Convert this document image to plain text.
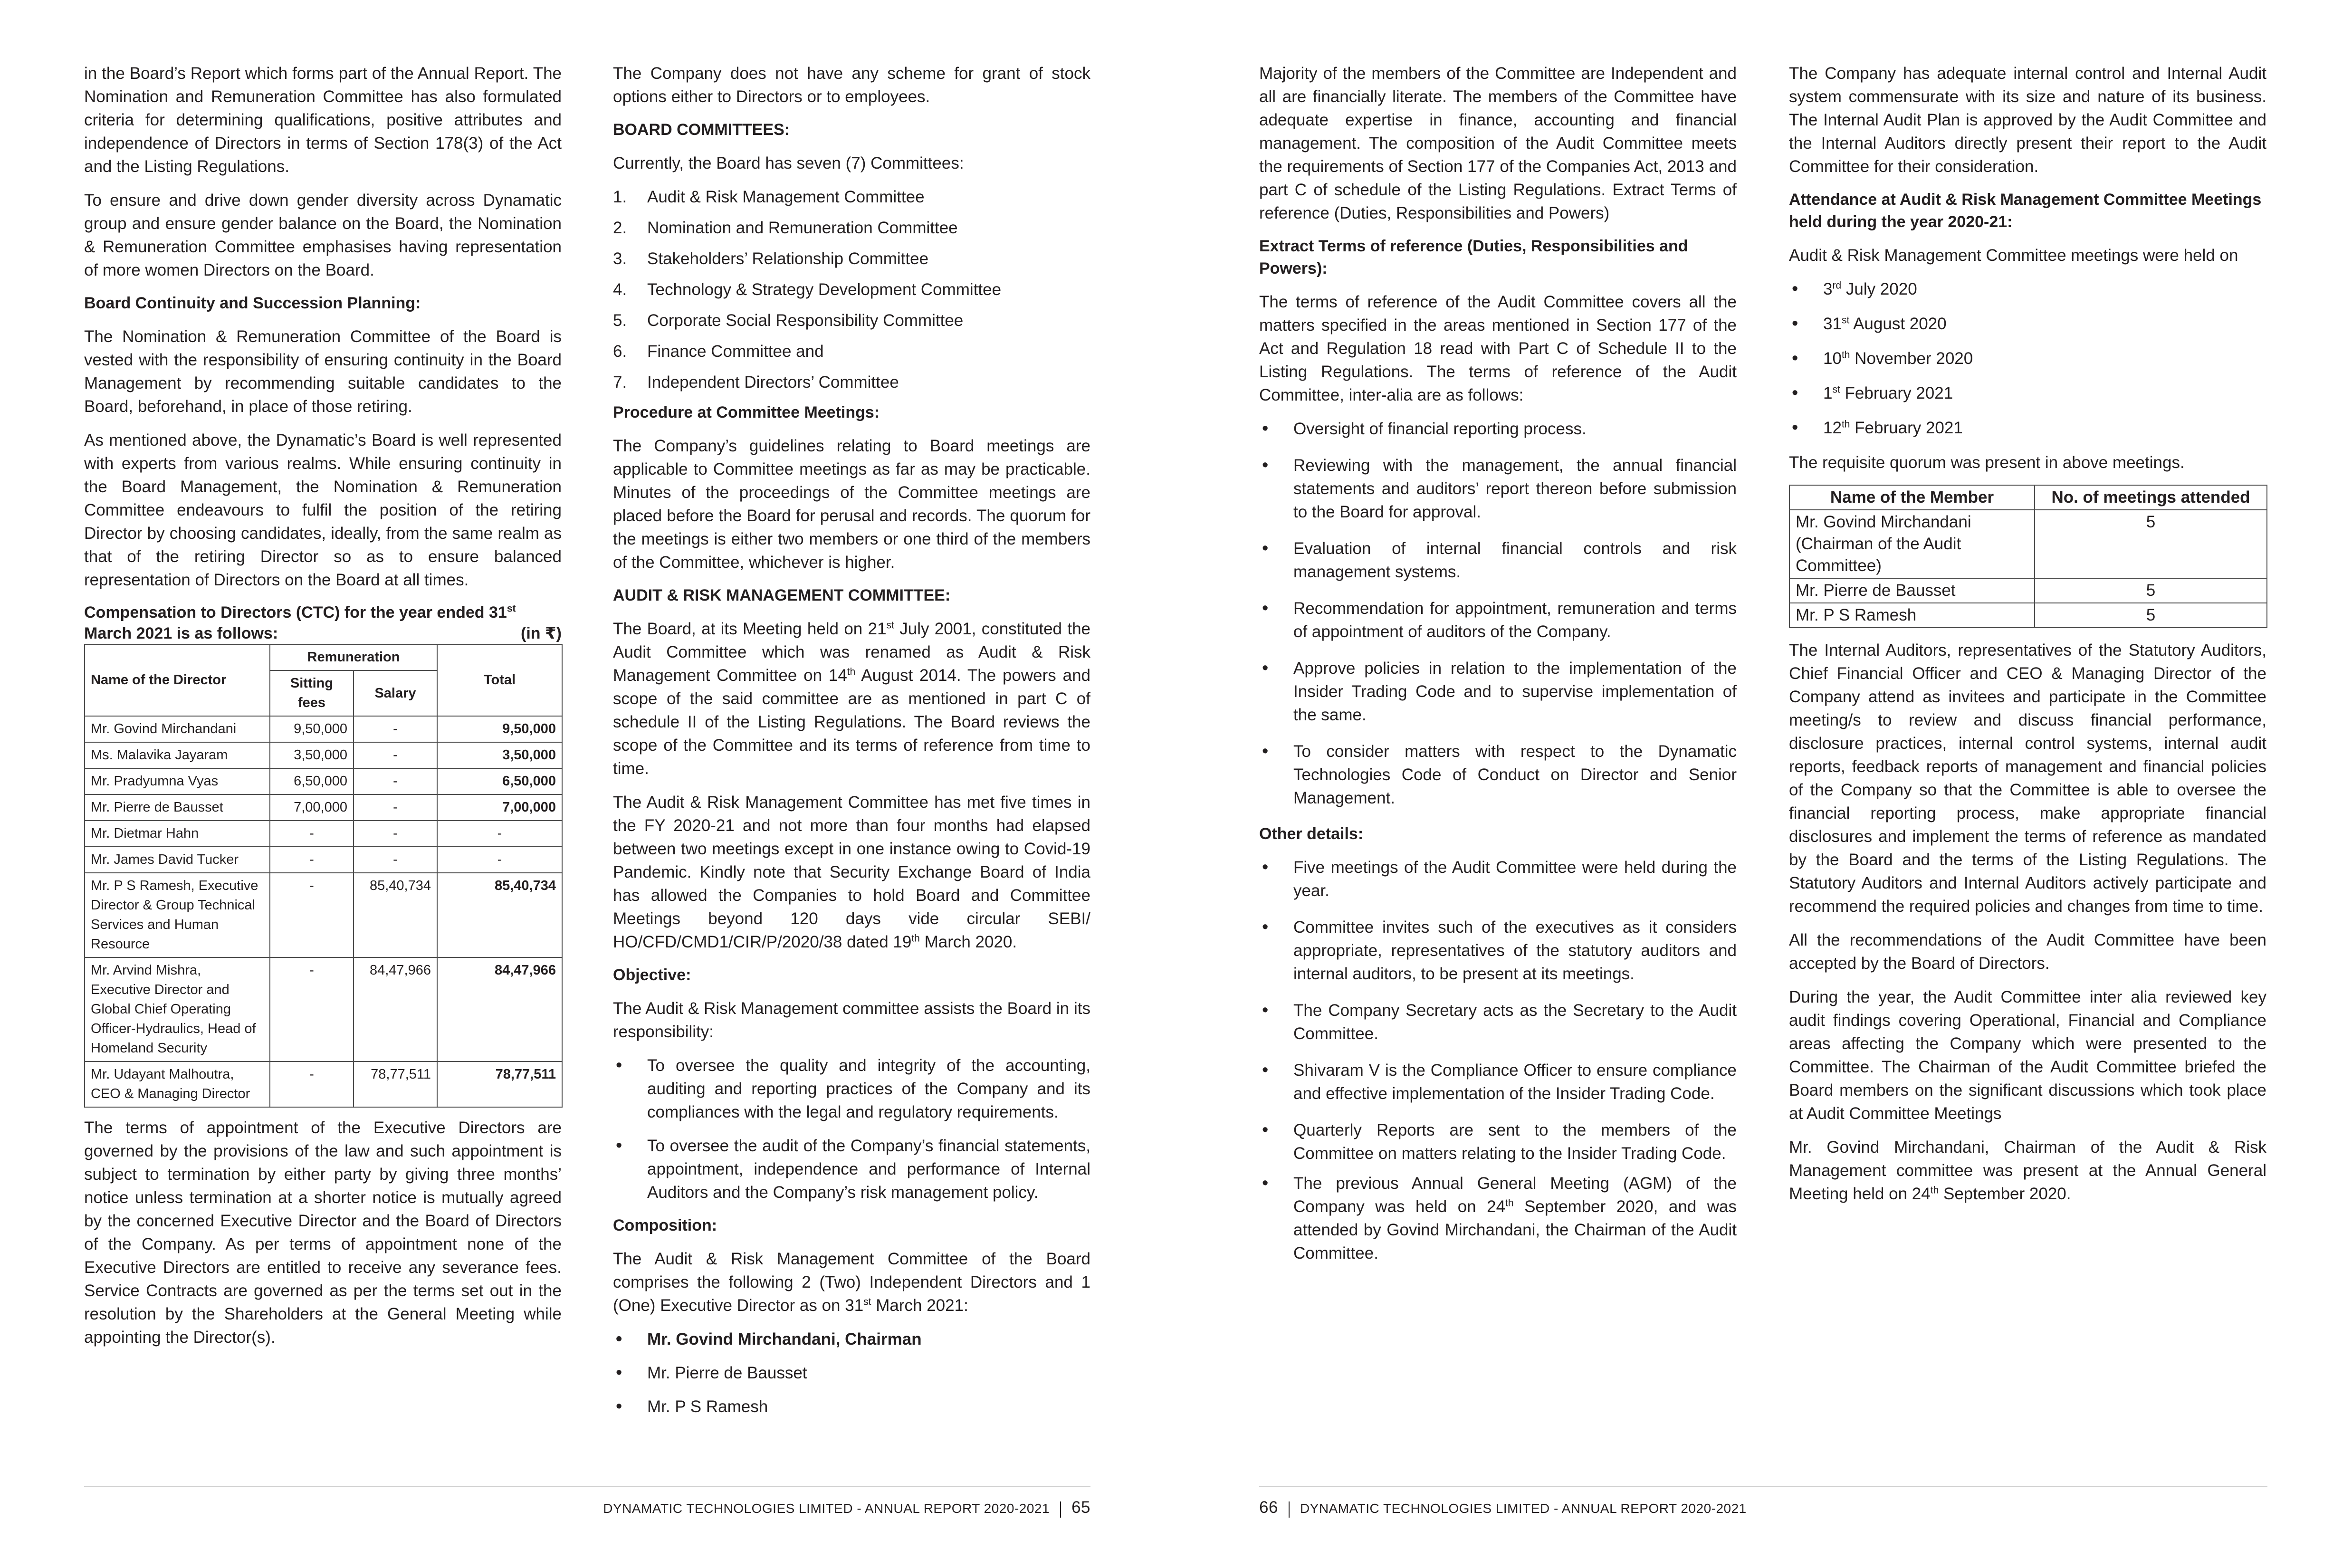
in the Board’s Report which forms part of the Annual Report. The Nomination and Remuneration Committee has also formulated criteria for determining qualifications, positive attributes and independence of Directors in terms of Section 178(3) of the Act and the Listing Regulations.

To ensure and drive down gender diversity across Dynamatic group and ensure gender balance on the Board, the Nomination & Remuneration Committee emphasises having representation of more women Directors on the Board.

Board Continuity and Succession Planning:

The Nomination & Remuneration Committee of the Board is vested with the responsibility of ensuring continuity in the Board Management by recommending suitable candidates to the Board, beforehand, in place of those retiring.

As mentioned above, the Dynamatic’s Board is well represented with experts from various realms. While ensuring continuity in the Board Management, the Nomination & Remuneration Committee endeavours to fulfil the position of the retiring Director by choosing candidates, ideally, from the same realm as that of the retiring Director so as to ensure balanced representation of Directors on the Board at all times.

Compensation to Directors (CTC) for the year ended 31st
March 2021 is as follows:	(in ₹)
Name of the Director	Remuneration		Total
	Sitting fees	Salary	
Mr. Govind Mirchandani	9,50,000	-	9,50,000
Ms. Malavika Jayaram	3,50,000	-	3,50,000
Mr. Pradyumna Vyas	6,50,000	-	6,50,000
Mr. Pierre de Bausset	7,00,000	-	7,00,000
Mr. Dietmar Hahn	-	-	-
Mr. James David Tucker	-	-	-
Mr. P S Ramesh, Executive Director & Group Technical Services and Human Resource	-	85,40,734	85,40,734
Mr. Arvind Mishra, Executive Director and Global Chief Operating Officer-Hydraulics, Head of Homeland Security	-	84,47,966	84,47,966
Mr. Udayant Malhoutra, CEO & Managing Director	-	78,77,511	78,77,511

The terms of appointment of the Executive Directors are governed by the provisions of the law and such appointment is subject to termination by either party by giving three months’ notice unless termination at a shorter notice is mutually agreed by the concerned Executive Director and the Board of Directors of the Company. As per terms of appointment none of the Executive Directors are entitled to receive any severance fees. Service Contracts are governed as per the terms set out in the resolution by the Shareholders at the General Meeting while appointing the Director(s).

The Company does not have any scheme for grant of stock options either to Directors or to employees.

BOARD COMMITTEES:

Currently, the Board has seven (7) Committees:

1.	Audit & Risk Management Committee
2.	Nomination and Remuneration Committee
3.	Stakeholders’ Relationship Committee
4.	Technology & Strategy Development Committee
5.	Corporate Social Responsibility Committee
6.	Finance Committee and
7.	Independent Directors’ Committee
Procedure at Committee Meetings:

The Company’s guidelines relating to Board meetings are applicable to Committee meetings as far as may be practicable. Minutes of the proceedings of the Committee meetings are placed before the Board for perusal and records. The quorum for the meetings is either two members or one third of the members of the Committee, whichever is higher.

AUDIT & RISK MANAGEMENT COMMITTEE:

The Board, at its Meeting held on 21st July 2001, constituted the Audit Committee which was renamed as Audit & Risk Management Committee on 14th August 2014. The powers and scope of the said committee are as mentioned in part C of schedule II of the Listing Regulations. The Board reviews the scope of the Committee and its terms of reference from time to time.

The Audit & Risk Management Committee has met five times in the FY 2020-21 and not more than four months had elapsed between two meetings except in one instance owing to Covid-19 Pandemic. Kindly note that Security Exchange Board of India has allowed the Companies to hold Board and Committee Meetings beyond 120 days vide circular SEBI/ HO/CFD/CMD1/CIR/P/2020/38 dated 19th March 2020.

Objective:

The Audit & Risk Management committee assists the Board in its responsibility:

• To oversee the quality and integrity of the accounting, auditing and reporting practices of the Company and its compliances with the legal and regulatory requirements.
• To oversee the audit of the Company’s financial statements, appointment, independence and performance of Internal Auditors and the Company’s risk management policy.
Composition:

The Audit & Risk Management Committee of the Board comprises the following 2 (Two) Independent Directors and 1 (One) Executive Director as on 31st March 2021:

• Mr. Govind Mirchandani, Chairman
• Mr. Pierre de Bausset
• Mr. P S Ramesh

Majority of the members of the Committee are Independent and all are financially literate. The members of the Committee have adequate expertise in finance, accounting and financial management. The composition of the Audit Committee meets the requirements of Section 177 of the Companies Act, 2013 and part C of schedule of the Listing Regulations. Extract Terms of reference (Duties, Responsibilities and Powers)

Extract Terms of reference (Duties, Responsibilities and Powers):

The terms of reference of the Audit Committee covers all the matters specified in the areas mentioned in Section 177 of the Act and Regulation 18 read with Part C of Schedule II to the Listing Regulations. The terms of reference of the Audit Committee, inter-alia are as follows:

• Oversight of financial reporting process.
• Reviewing with the management, the annual financial statements and auditors’ report thereon before submission to the Board for approval.
• Evaluation of internal financial controls and risk management systems.
• Recommendation for appointment, remuneration and terms of appointment of auditors of the Company.
• Approve policies in relation to the implementation of the Insider Trading Code and to supervise implementation of the same.
• To consider matters with respect to the Dynamatic Technologies Code of Conduct on Director and Senior Management.
Other details:
• Five meetings of the Audit Committee were held during the year.
• Committee invites such of the executives as it considers appropriate, representatives of the statutory auditors and internal auditors, to be present at its meetings.
• The Company Secretary acts as the Secretary to the Audit Committee.
• Shivaram V is the Compliance Officer to ensure compliance and effective implementation of the Insider Trading Code.
• Quarterly Reports are sent to the members of the Committee on matters relating to the Insider Trading Code.
• The previous Annual General Meeting (AGM) of the Company was held on 24th September 2020, and was attended by Govind Mirchandani, the Chairman of the Audit Committee.

The Company has adequate internal control and Internal Audit system commensurate with its size and nature of its business. The Internal Audit Plan is approved by the Audit Committee and the Internal Auditors directly present their report to the Audit Committee for their consideration.

Attendance at Audit & Risk Management Committee Meetings held during the year 2020-21:

Audit & Risk Management Committee meetings were held on

• 3rd July 2020
• 31st August 2020
• 10th November 2020
• 1st February 2021
• 12th February 2021

The requisite quorum was present in above meetings.

Name of the Member	No. of meetings attended
Mr. Govind Mirchandani (Chairman of the Audit Committee)	5
Mr. Pierre de Bausset	5
Mr. P S Ramesh	5

The Internal Auditors, representatives of the Statutory Auditors, Chief Financial Officer and CEO & Managing Director of the Company attend as invitees and participate in the Committee meeting/s to review and discuss financial performance, disclosure practices, internal control systems, internal audit reports, feedback reports of management and financial policies of the Company so that the Committee is able to oversee the financial reporting process, make appropriate financial disclosures and implement the terms of reference as mandated by the Board and the terms of the Listing Regulations. The Statutory Auditors and Internal Auditors actively participate and recommend the required policies and changes from time to time.

All the recommendations of the Audit Committee have been accepted by the Board of Directors.

During the year, the Audit Committee inter alia reviewed key audit findings covering Operational, Financial and Compliance areas affecting the Company which were presented to the Committee. The Chairman of the Audit Committee briefed the Board members on the significant discussions which took place at Audit Committee Meetings

Mr. Govind Mirchandani, Chairman of the Audit & Risk Management committee was present at the Annual General Meeting held on 24th September 2020.

DYNAMATIC TECHNOLOGIES LIMITED - ANNUAL REPORT 2020-2021 65	66 DYNAMATIC TECHNOLOGIES LIMITED - ANNUAL REPORT 2020-2021
